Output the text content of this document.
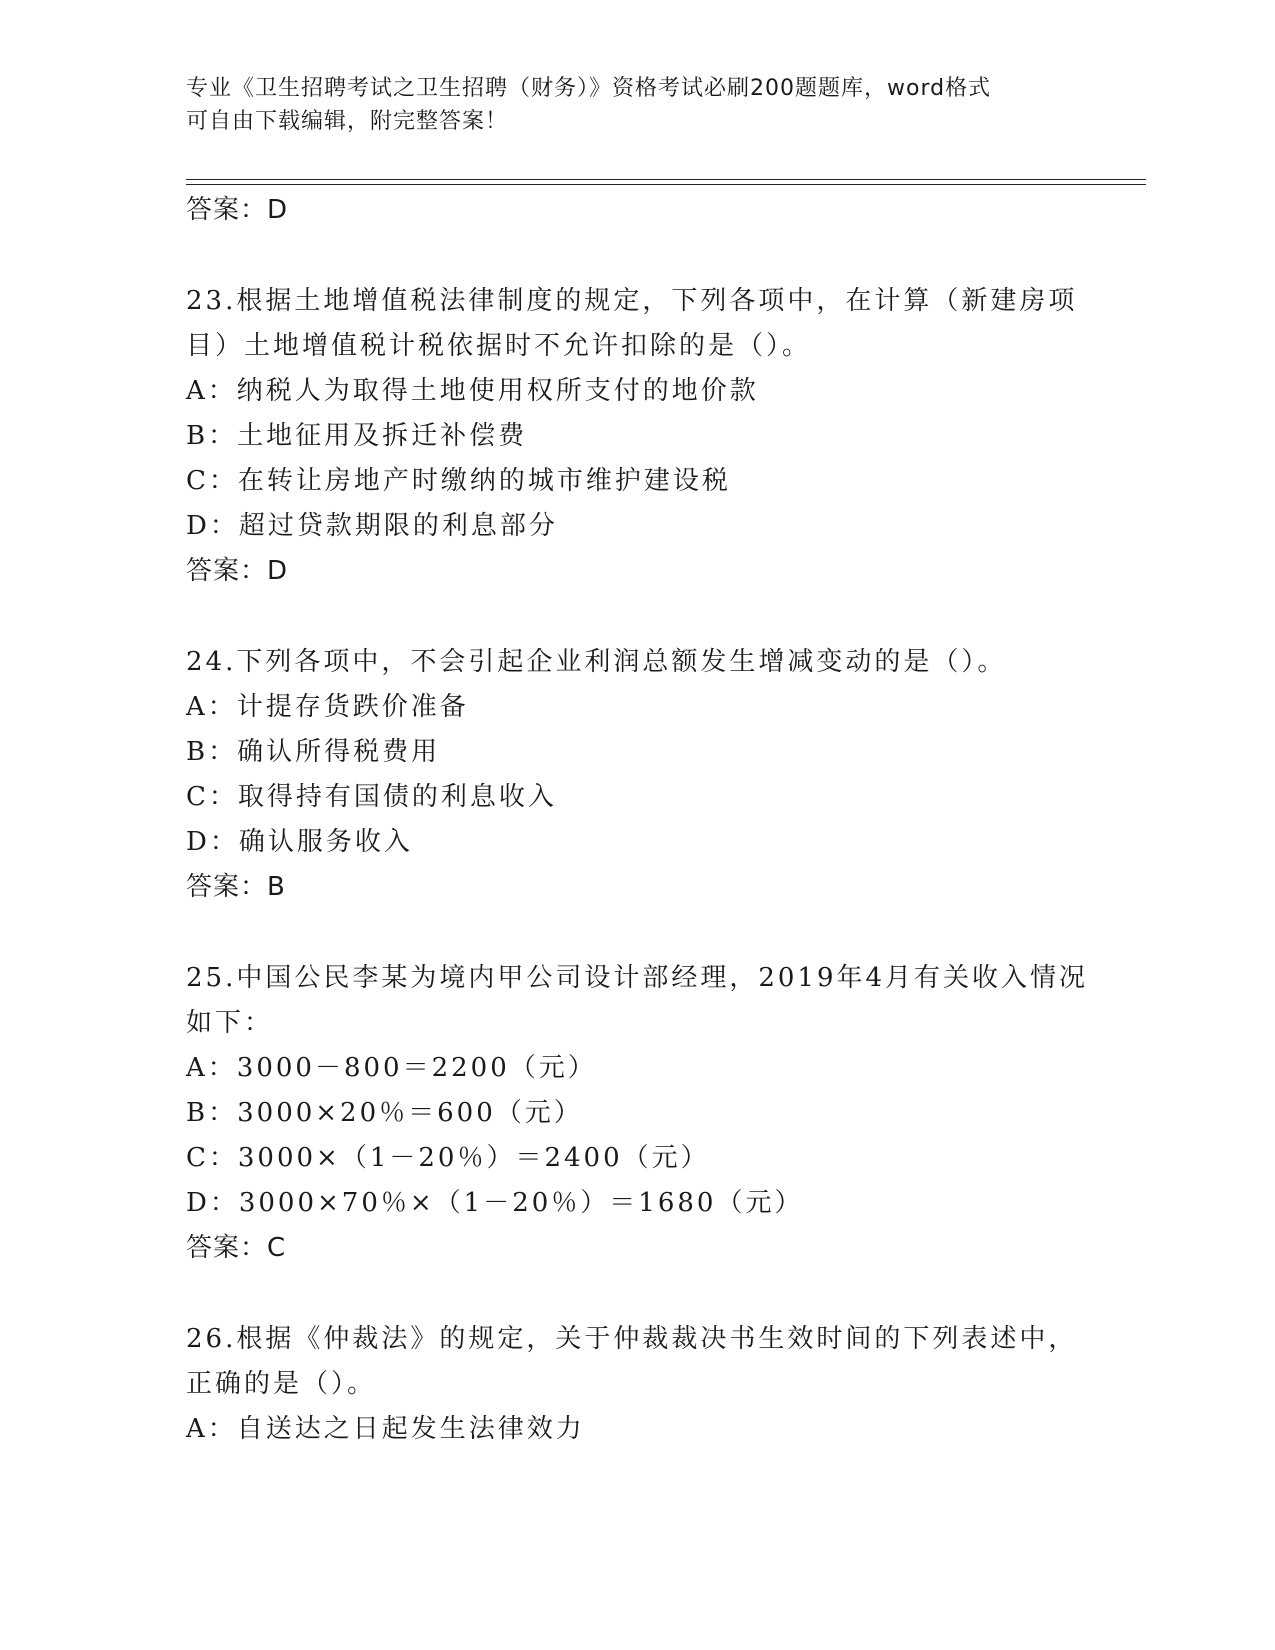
专业《卫生招聘考试之卫生招聘（财务）》资格考试必刷200题题库，word格式
可自由下载编辑，附完整答案！
答案：D
23.根据土地增值税法律制度的规定，下列各项中，在计算（新建房项
目）土地增值税计税依据时不允许扣除的是（）。
A：纳税人为取得土地使用权所支付的地价款
B：土地征用及拆迁补偿费
C：在转让房地产时缴纳的城市维护建设税
D：超过贷款期限的利息部分
答案：D
24.下列各项中，不会引起企业利润总额发生增减变动的是（）。
A：计提存货跌价准备
B：确认所得税费用
C：取得持有国债的利息收入
D：确认服务收入
答案：B
25.中国公民李某为境内甲公司设计部经理，2019年4月有关收入情况
如下：
A：3000－800＝2200（元）
B：3000×20％＝600（元）
C：3000×（1－20％）＝2400（元）
D：3000×70％×（1－20％）＝1680（元）
答案：C
26.根据《仲裁法》的规定，关于仲裁裁决书生效时间的下列表述中，
正确的是（）。
A：自送达之日起发生法律效力
